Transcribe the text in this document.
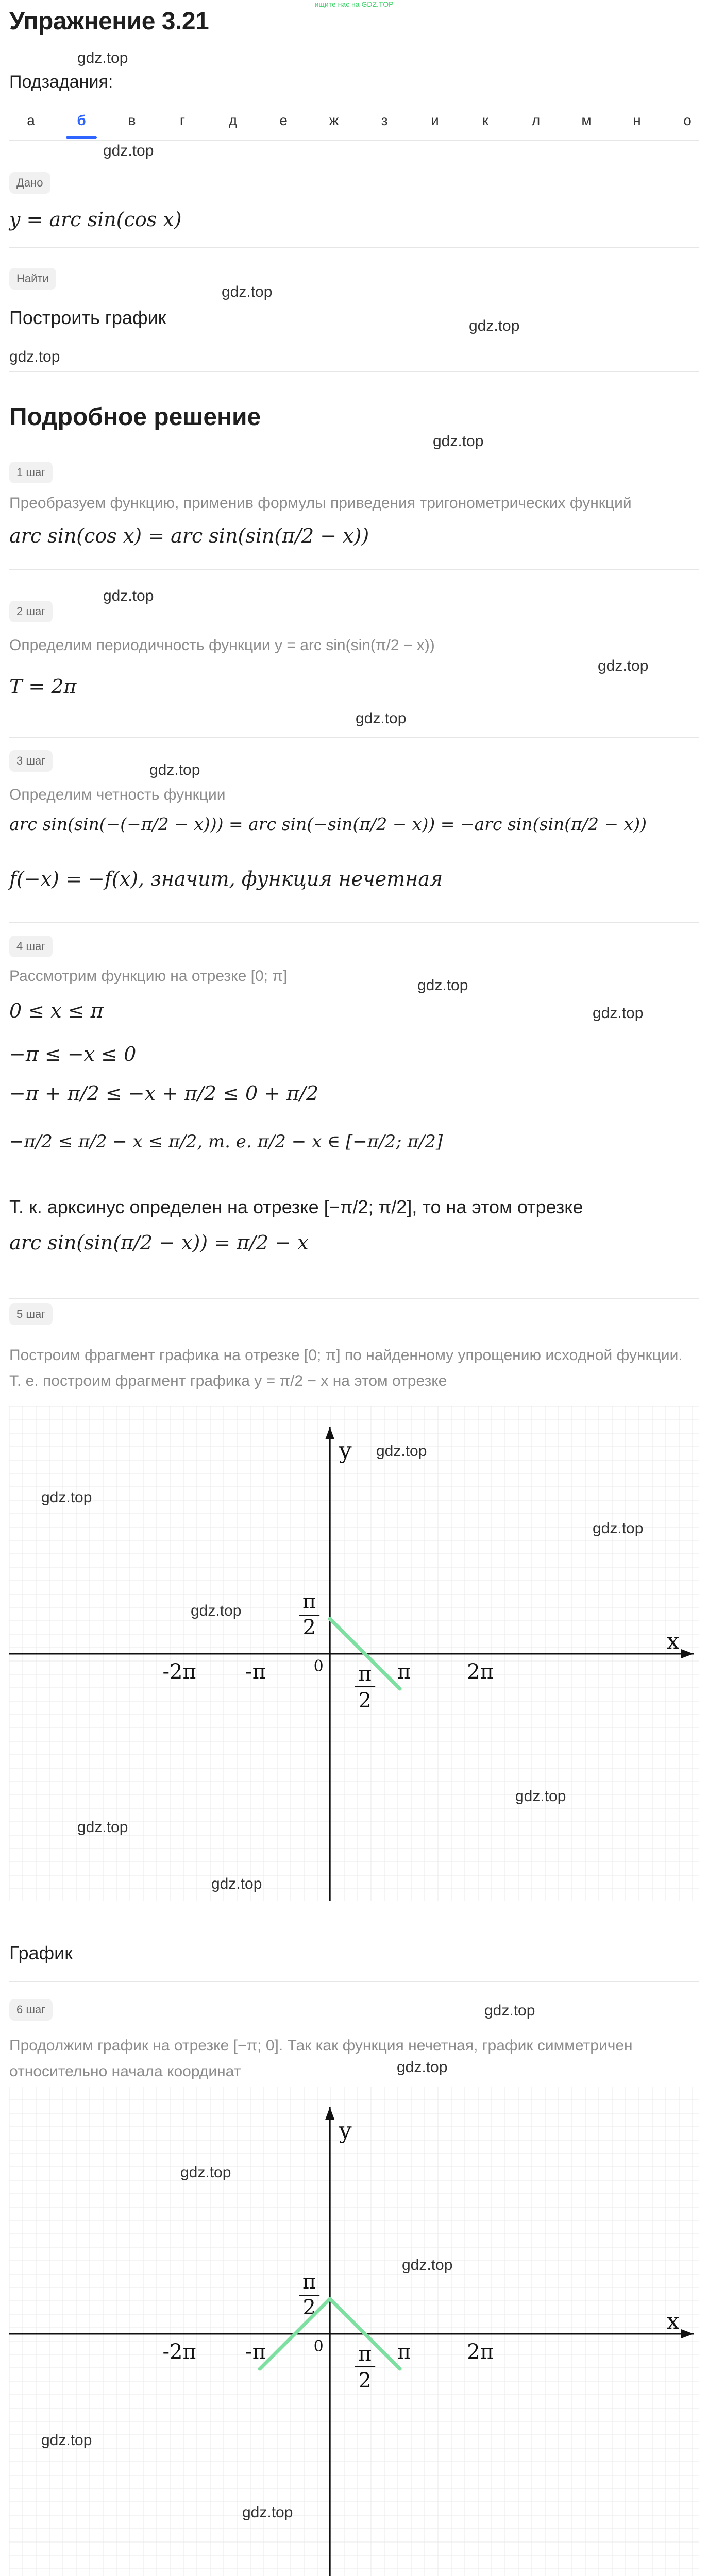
ищите нас на GDZ.TOP
Упражнение 3.21
gdz.top
Подзадания:
а	б	в	г	д	е	ж	з	и	к	л	м	н	о
gdz.top
Дано
y = arc sin(cos x)
Найти
gdz.top
Построить график	gdz.top
gdz.top
Подробное решение
gdz.top
1 шаг
Преобразуем функцию, применив формулы приведения тригонометрических функций
arc sin(cos x) = arc sin(sin(π/2 − x))
gdz.top
2 шаг
Определим периодичность функции y = arc sin(sin(π/2 − x))
gdz.top
T = 2π
gdz.top
3 шаг
gdz.top
Определим четность функции
arc sin(sin(−(−π/2 − x))) = arc sin(−sin(π/2 − x)) = −arc sin(sin(π/2 − x))
f(−x) = −f(x), значит, функция нечетная
4 шаг
Рассмотрим функцию на отрезке [0; π]
gdz.top
gdz.top
0 ≤ x ≤ π
−π ≤ −x ≤ 0
−π + π/2 ≤ −x + π/2 ≤ 0 + π/2
−π/2 ≤ π/2 − x ≤ π/2, т. е. π/2 − x ∈ [−π/2; π/2]
Т. к. арксинус определен на отрезке [−π/2; π/2], то на этом отрезке
arc sin(sin(π/2 − x)) = π/2 − x
5 шаг
Построим фрагмент графика на отрезке [0; π] по найденному упрощению исходной функции. Т. е. построим фрагмент графика y = π/2 − x на этом отрезке
y
x
0
π
2
π
2
π
-π	2π
-2π
gdz.top
gdz.top
gdz.top
gdz.top
gdz.top
gdz.top
gdz.top
График
6 шаг	gdz.top
Продолжим график на отрезке [−π; 0]. Так как функция нечетная, график симметричен относительно начала координат
y
x
0
π
2
π
2
π
-π	2π
-2π
gdz.top
gdz.top
gdz.top
gdz.top
gdz.top
